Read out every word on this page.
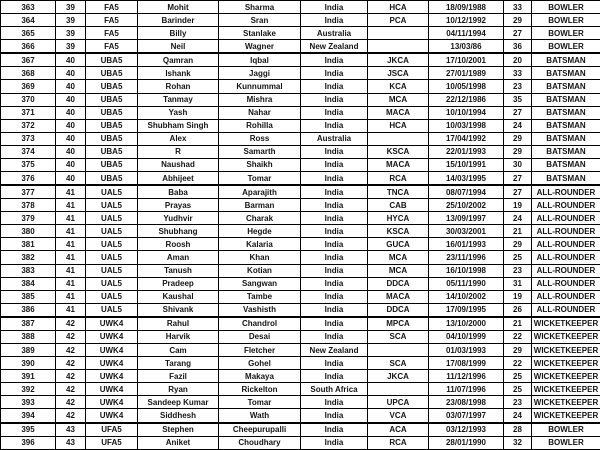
363	39	FA5	Mohit	Sharma	India	HCA	18/09/1988	33	BOWLER
364	39	FA5	Barinder	Sran	India	PCA	10/12/1992	29	BOWLER
365	39	FA5	Billy	Stanlake	Australia		04/11/1994	27	BOWLER
366	39	FA5	Neil	Wagner	New Zealand		13/03/86	36	BOWLER
367	40	UBA5	Qamran	Iqbal	India	JKCA	17/10/2001	20	BATSMAN
368	40	UBA5	Ishank	Jaggi	India	JSCA	27/01/1989	33	BATSMAN
369	40	UBA5	Rohan	Kunnummal	India	KCA	10/05/1998	23	BATSMAN
370	40	UBA5	Tanmay	Mishra	India	MCA	22/12/1986	35	BATSMAN
371	40	UBA5	Yash	Nahar	India	MACA	10/10/1994	27	BATSMAN
372	40	UBA5	Shubham Singh	Rohilla	India	HCA	10/03/1998	24	BATSMAN
373	40	UBA5	Alex	Ross	Australia		17/04/1992	29	BATSMAN
374	40	UBA5	R	Samarth	India	KSCA	22/01/1993	29	BATSMAN
375	40	UBA5	Naushad	Shaikh	India	MACA	15/10/1991	30	BATSMAN
376	40	UBA5	Abhijeet	Tomar	India	RCA	14/03/1995	27	BATSMAN
377	41	UAL5	Baba	Aparajith	India	TNCA	08/07/1994	27	ALL-ROUNDER
378	41	UAL5	Prayas	Barman	India	CAB	25/10/2002	19	ALL-ROUNDER
379	41	UAL5	Yudhvir	Charak	India	HYCA	13/09/1997	24	ALL-ROUNDER
380	41	UAL5	Shubhang	Hegde	India	KSCA	30/03/2001	21	ALL-ROUNDER
381	41	UAL5	Roosh	Kalaria	India	GUCA	16/01/1993	29	ALL-ROUNDER
382	41	UAL5	Aman	Khan	India	MCA	23/11/1996	25	ALL-ROUNDER
383	41	UAL5	Tanush	Kotian	India	MCA	16/10/1998	23	ALL-ROUNDER
384	41	UAL5	Pradeep	Sangwan	India	DDCA	05/11/1990	31	ALL-ROUNDER
385	41	UAL5	Kaushal	Tambe	India	MACA	14/10/2002	19	ALL-ROUNDER
386	41	UAL5	Shivank	Vashisth	India	DDCA	17/09/1995	26	ALL-ROUNDER
387	42	UWK4	Rahul	Chandrol	India	MPCA	13/10/2000	21	WICKETKEEPER
388	42	UWK4	Harvik	Desai	India	SCA	04/10/1999	22	WICKETKEEPER
389	42	UWK4	Cam	Fletcher	New Zealand		01/03/1993	29	WICKETKEEPER
390	42	UWK4	Tarang	Gohel	India	SCA	17/08/1999	22	WICKETKEEPER
391	42	UWK4	Fazil	Makaya	India	JKCA	11/12/1996	25	WICKETKEEPER
392	42	UWK4	Ryan	Rickelton	South Africa		11/07/1996	25	WICKETKEEPER
393	42	UWK4	Sandeep Kumar	Tomar	India	UPCA	23/08/1998	23	WICKETKEEPER
394	42	UWK4	Siddhesh	Wath	India	VCA	03/07/1997	24	WICKETKEEPER
395	43	UFA5	Stephen	Cheepurupalli	India	ACA	03/12/1993	28	BOWLER
396	43	UFA5	Aniket	Choudhary	India	RCA	28/01/1990	32	BOWLER
